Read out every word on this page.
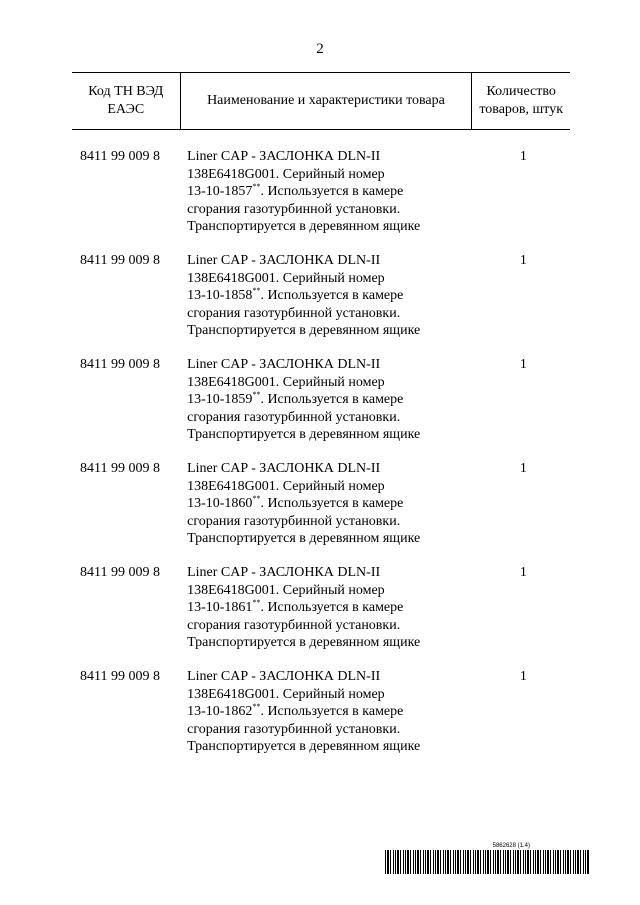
2
Код ТН ВЭД ЕАЭС
Наименование и характеристики товара
Количество товаров, штук
8411 99 009 8	Liner CAP - ЗАСЛОНКА DLN-II
138E6418G001. Серийный номер
13-10-1857**. Используется в камере
сгорания газотурбинной установки.
Транспортируется в деревянном ящике
1
8411 99 009 8	Liner CAP - ЗАСЛОНКА DLN-II
138E6418G001. Серийный номер
13-10-1858**. Используется в камере
сгорания газотурбинной установки.
Транспортируется в деревянном ящике
1
8411 99 009 8	Liner CAP - ЗАСЛОНКА DLN-II
138E6418G001. Серийный номер
13-10-1859**. Используется в камере
сгорания газотурбинной установки.
Транспортируется в деревянном ящике
1
8411 99 009 8	Liner CAP - ЗАСЛОНКА DLN-II
138E6418G001. Серийный номер
13-10-1860**. Используется в камере
сгорания газотурбинной установки.
Транспортируется в деревянном ящике
1
8411 99 009 8	Liner CAP - ЗАСЛОНКА DLN-II
138E6418G001. Серийный номер
13-10-1861**. Используется в камере
сгорания газотурбинной установки.
Транспортируется в деревянном ящике
1
8411 99 009 8	Liner CAP - ЗАСЛОНКА DLN-II
138E6418G001. Серийный номер
13-10-1862**. Используется в камере
сгорания газотурбинной установки.
Транспортируется в деревянном ящике
1
5862628 (1.4)
